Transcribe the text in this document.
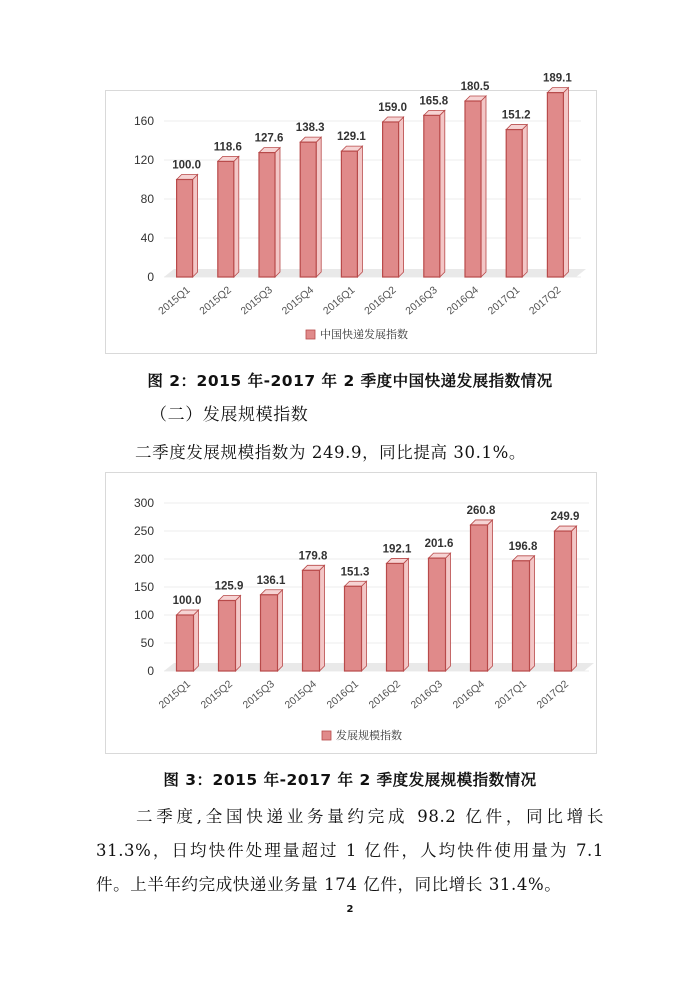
0
40
80
120
160
100.0
2015Q1
118.6
2015Q2
127.6
2015Q3
138.3
2015Q4
129.1
2016Q1
159.0
2016Q2
165.8
2016Q3
180.5
2016Q4
151.2
2017Q1
189.1
2017Q2
中国快递发展指数
图 2：2015 年-2017 年 2 季度中国快递发展指数情况
（二）发展规模指数
二季度发展规模指数为 249.9，同比提高 30.1%。
0
50
100
150
200
250
300
100.0
2015Q1
125.9
2015Q2
136.1
2015Q3
179.8
2015Q4
151.3
2016Q1
192.1
2016Q2
201.6
2016Q3
260.8
2016Q4
196.8
2017Q1
249.9
2017Q2
发展规模指数
图 3：2015 年-2017 年 2 季度发展规模指数情况
二季度,全国快递业务量约完成 98.2 亿件，同比增长 31.3%，日均快件处理量超过 1 亿件，人均快件使用量为 7.1 件。上半年约完成快递业务量 174 亿件，同比增长 31.4%。
2
